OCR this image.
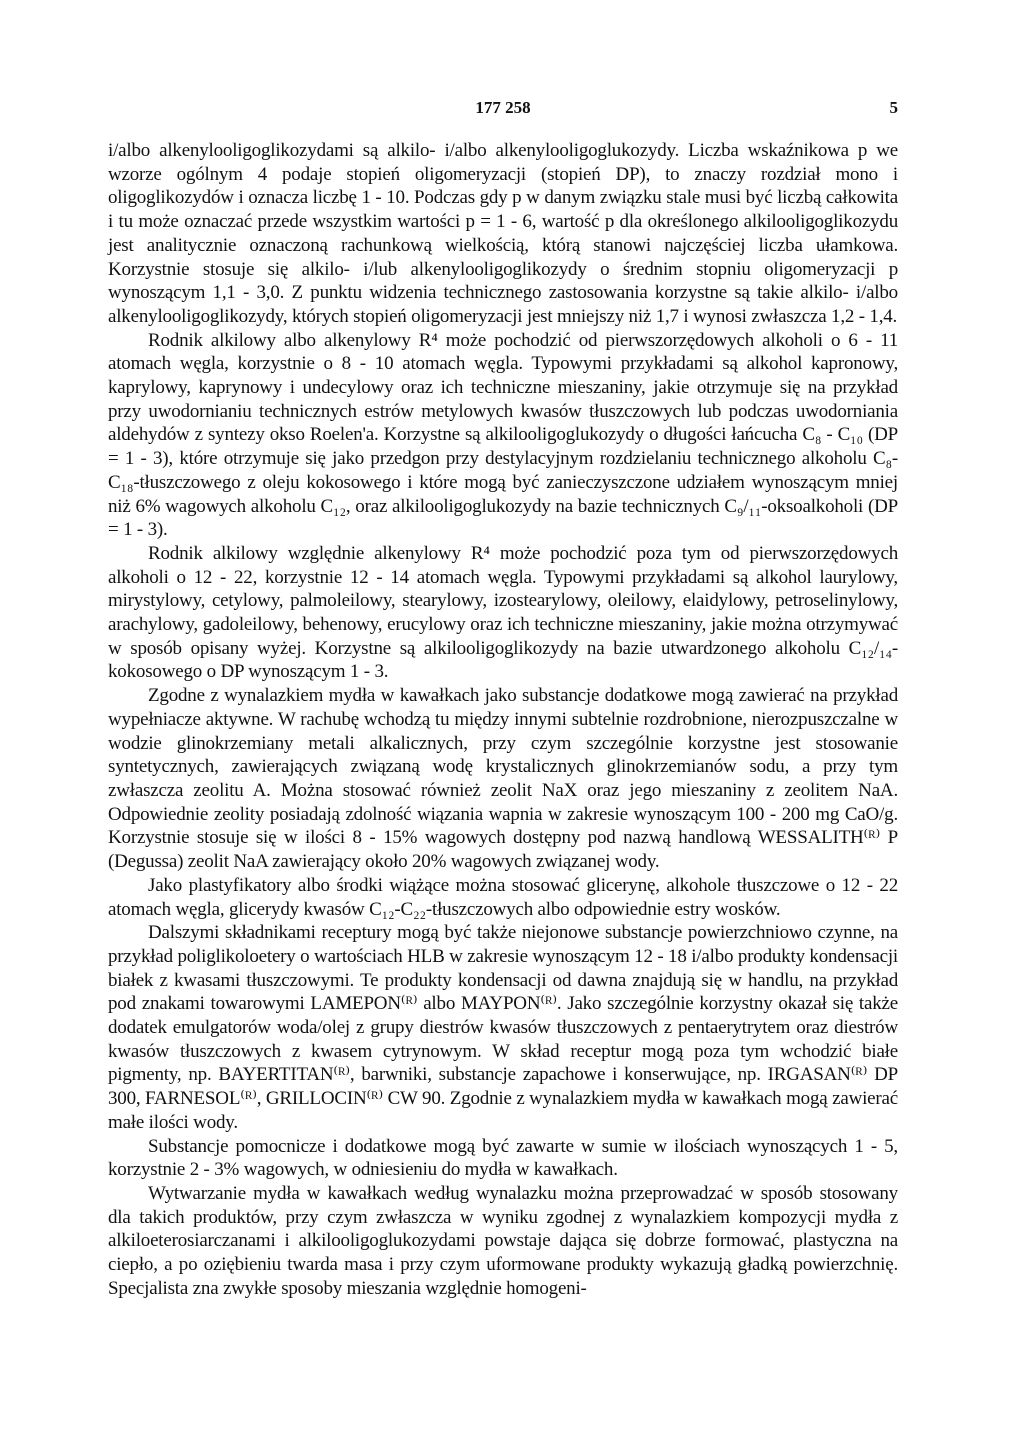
177 258	5

i/albo alkenylooligoglikozydami są alkilo- i/albo alkenylooligoglukozydy. Liczba wskaźnikowa p we wzorze ogólnym 4 podaje stopień oligomeryzacji (stopień DP), to znaczy rozdział mono i oligoglikozydów i oznacza liczbę 1 - 10. Podczas gdy p w danym związku stale musi być liczbą całkowita i tu może oznaczać przede wszystkim wartości p = 1 - 6, wartość p dla określonego alkilooligoglikozydu jest analitycznie oznaczoną rachunkową wielkością, którą stanowi najczęściej liczba ułamkowa. Korzystnie stosuje się alkilo- i/lub alkenylooligoglikozydy o średnim stopniu oligomeryzacji p wynoszącym 1,1 - 3,0. Z punktu widzenia technicznego zastosowania korzystne są takie alkilo- i/albo alkenylooligoglikozydy, których stopień oligomeryzacji jest mniejszy niż 1,7 i wynosi zwłaszcza 1,2 - 1,4.

Rodnik alkilowy albo alkenylowy R⁴ może pochodzić od pierwszorzędowych alkoholi o 6 - 11 atomach węgla, korzystnie o 8 - 10 atomach węgla. Typowymi przykładami są alkohol kapronowy, kaprylowy, kaprynowy i undecylowy oraz ich techniczne mieszaniny, jakie otrzymuje się na przykład przy uwodornianiu technicznych estrów metylowych kwasów tłuszczowych lub podczas uwodorniania aldehydów z syntezy okso Roelen'a. Korzystne są alkilooligoglukozydy o długości łańcucha C₈ - C₁₀ (DP = 1 - 3), które otrzymuje się jako przedgon przy destylacyjnym rozdzielaniu technicznego alkoholu C₈-C₁₈-tłuszczowego z oleju kokosowego i które mogą być zanieczyszczone udziałem wynoszącym mniej niż 6% wagowych alkoholu C₁₂, oraz alkilooligoglukozydy na bazie technicznych C₉/₁₁-oksoalkoholi (DP = 1 - 3).

Rodnik alkilowy względnie alkenylowy R⁴ może pochodzić poza tym od pierwszorzędowych alkoholi o 12 - 22, korzystnie 12 - 14 atomach węgla. Typowymi przykładami są alkohol laurylowy, mirystylowy, cetylowy, palmoleilowy, stearylowy, izostearylowy, oleilowy, elaidylowy, petroselinylowy, arachylowy, gadoleilowy, behenowy, erucylowy oraz ich techniczne mieszaniny, jakie można otrzymywać w sposób opisany wyżej. Korzystne są alkilooligoglikozydy na bazie utwardzonego alkoholu C₁₂/₁₄-kokosowego o DP wynoszącym 1 - 3.

Zgodne z wynalazkiem mydła w kawałkach jako substancje dodatkowe mogą zawierać na przykład wypełniacze aktywne. W rachubę wchodzą tu między innymi subtelnie rozdrobnione, nierozpuszczalne w wodzie glinokrzemiany metali alkalicznych, przy czym szczególnie korzystne jest stosowanie syntetycznych, zawierających związaną wodę krystalicznych glinokrzemianów sodu, a przy tym zwłaszcza zeolitu A. Można stosować również zeolit NaX oraz jego mieszaniny z zeolitem NaA. Odpowiednie zeolity posiadają zdolność wiązania wapnia w zakresie wynoszącym 100 - 200 mg CaO/g. Korzystnie stosuje się w ilości 8 - 15% wagowych dostępny pod nazwą handlową WESSALITH⁽ᴿ⁾ P (Degussa) zeolit NaA zawierający około 20% wagowych związanej wody.

Jako plastyfikatory albo środki wiążące można stosować glicerynę, alkohole tłuszczowe o 12 - 22 atomach węgla, glicerydy kwasów C₁₂-C₂₂-tłuszczowych albo odpowiednie estry wosków.

Dalszymi składnikami receptury mogą być także niejonowe substancje powierzchniowo czynne, na przykład poliglikoloetery o wartościach HLB w zakresie wynoszącym 12 - 18 i/albo produkty kondensacji białek z kwasami tłuszczowymi. Te produkty kondensacji od dawna znajdują się w handlu, na przykład pod znakami towarowymi LAMEPON⁽ᴿ⁾ albo MAYPON⁽ᴿ⁾. Jako szczególnie korzystny okazał się także dodatek emulgatorów woda/olej z grupy diestrów kwasów tłuszczowych z pentaerytrytem oraz diestrów kwasów tłuszczowych z kwasem cytrynowym. W skład receptur mogą poza tym wchodzić białe pigmenty, np. BAYERTITAN⁽ᴿ⁾, barwniki, substancje zapachowe i konserwujące, np. IRGASAN⁽ᴿ⁾ DP 300, FARNESOL⁽ᴿ⁾, GRILLOCIN⁽ᴿ⁾ CW 90. Zgodnie z wynalazkiem mydła w kawałkach mogą zawierać małe ilości wody.

Substancje pomocnicze i dodatkowe mogą być zawarte w sumie w ilościach wynoszących 1 - 5, korzystnie 2 - 3% wagowych, w odniesieniu do mydła w kawałkach.

Wytwarzanie mydła w kawałkach według wynalazku można przeprowadzać w sposób stosowany dla takich produktów, przy czym zwłaszcza w wyniku zgodnej z wynalazkiem kompozycji mydła z alkiloeterosiarczanami i alkilooligoglukozydami powstaje dająca się dobrze formować, plastyczna na ciepło, a po oziębieniu twarda masa i przy czym uformowane produkty wykazują gładką powierzchnię. Specjalista zna zwykłe sposoby mieszania względnie homogeni-
